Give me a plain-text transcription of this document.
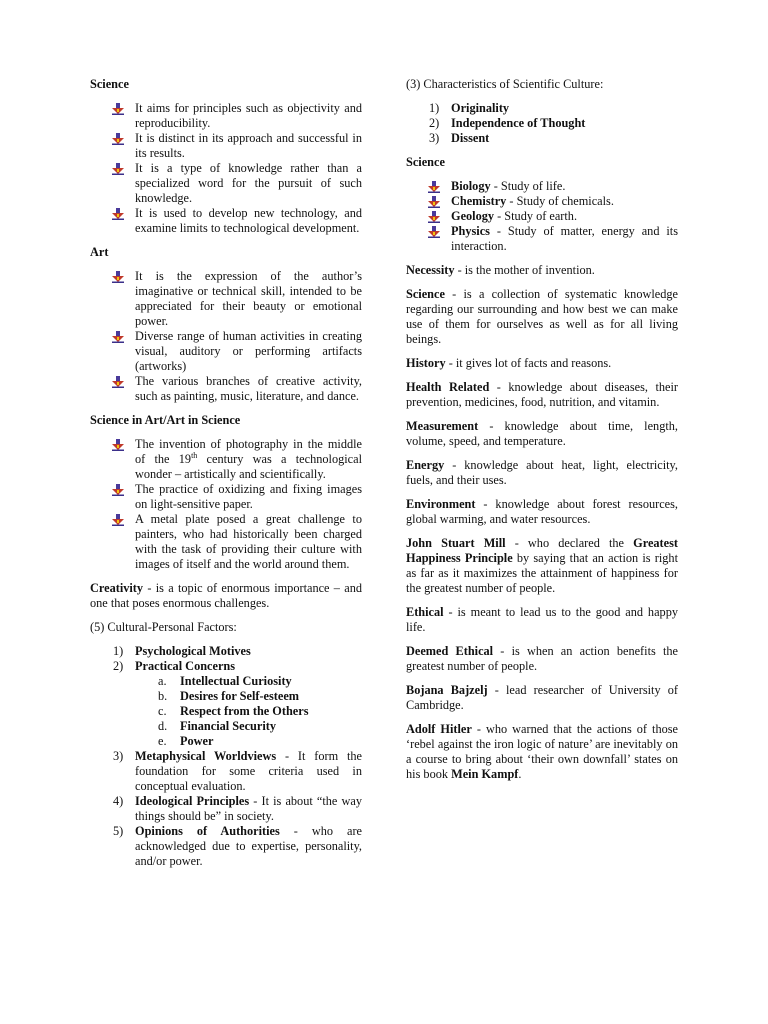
Science
It aims for principles such as objectivity and reproducibility.
It is distinct in its approach and successful in its results.
It is a type of knowledge rather than a specialized word for the pursuit of such knowledge.
It is used to develop new technology, and examine limits to technological development.
Art
It is the expression of the author’s imaginative or technical skill, intended to be appreciated for their beauty or emotional power.
Diverse range of human activities in creating visual, auditory or performing artifacts (artworks)
The various branches of creative activity, such as painting, music, literature, and dance.
Science in Art/Art in Science
The invention of photography in the middle of the 19th century was a technological wonder – artistically and scientifically.
The practice of oxidizing and fixing images on light-sensitive paper.
A metal plate posed a great challenge to painters, who had historically been charged with the task of providing their culture with images of itself and the world around them.
Creativity - is a topic of enormous importance – and one that poses enormous challenges.
(5) Cultural-Personal Factors:
1) Psychological Motives
2) Practical Concerns
a. Intellectual Curiosity
b. Desires for Self-esteem
c. Respect from the Others
d. Financial Security
e. Power
3) Metaphysical Worldviews - It form the foundation for some criteria used in conceptual evaluation.
4) Ideological Principles - It is about “the way things should be” in society.
5) Opinions of Authorities - who are acknowledged due to expertise, personality, and/or power.
(3) Characteristics of Scientific Culture:
1) Originality
2) Independence of Thought
3) Dissent
Science
Biology - Study of life.
Chemistry - Study of chemicals.
Geology - Study of earth.
Physics - Study of matter, energy and its interaction.
Necessity - is the mother of invention.
Science - is a collection of systematic knowledge regarding our surrounding and how best we can make use of them for ourselves as well as for all living beings.
History - it gives lot of facts and reasons.
Health Related - knowledge about diseases, their prevention, medicines, food, nutrition, and vitamin.
Measurement - knowledge about time, length, volume, speed, and temperature.
Energy - knowledge about heat, light, electricity, fuels, and their uses.
Environment - knowledge about forest resources, global warming, and water resources.
John Stuart Mill - who declared the Greatest Happiness Principle by saying that an action is right as far as it maximizes the attainment of happiness for the greatest number of people.
Ethical - is meant to lead us to the good and happy life.
Deemed Ethical - is when an action benefits the greatest number of people.
Bojana Bajzelj - lead researcher of University of Cambridge.
Adolf Hitler - who warned that the actions of those ‘rebel against the iron logic of nature’ are inevitably on a course to bring about ‘their own downfall’ states on his book Mein Kampf.
